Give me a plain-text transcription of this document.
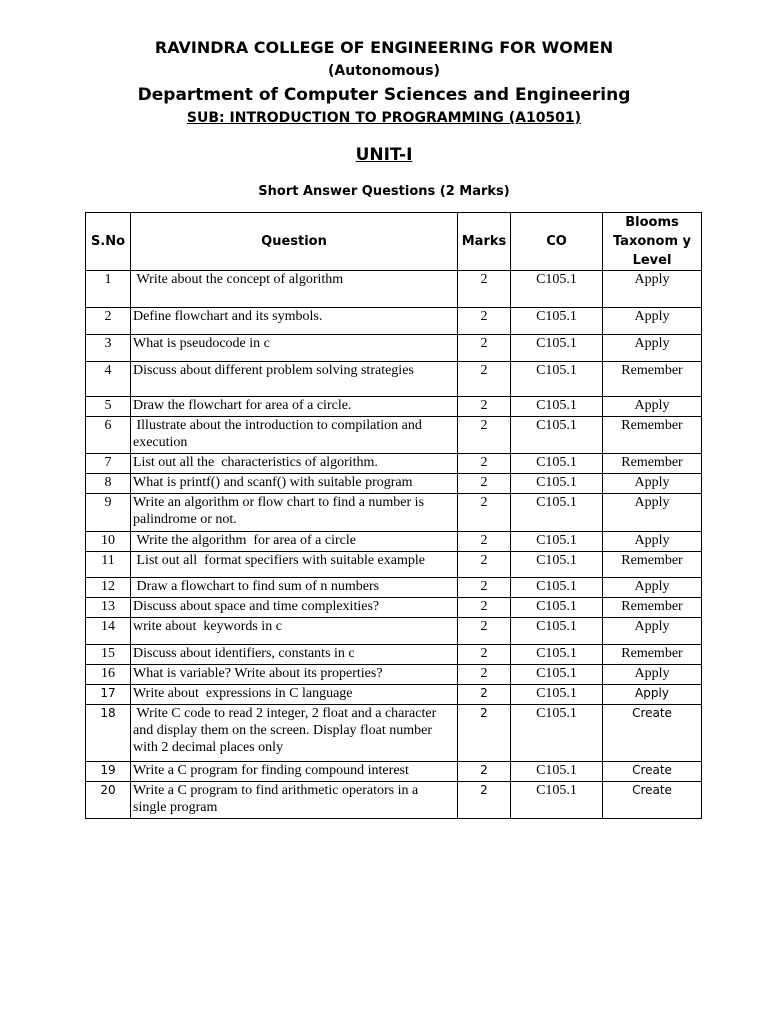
RAVINDRA COLLEGE OF ENGINEERING FOR WOMEN
(Autonomous)
Department of Computer Sciences and Engineering
SUB: INTRODUCTION TO PROGRAMMING (A10501)
UNIT-I
Short Answer Questions (2 Marks)
S.No	Question	Marks	CO	Blooms Taxonom y Level
1	Write about the concept of algorithm	2	C105.1	Apply
2	Define flowchart and its symbols.	2	C105.1	Apply
3	What is pseudocode in c	2	C105.1	Apply
4	Discuss about different problem solving strategies	2	C105.1	Remember
5	Draw the flowchart for area of a circle.	2	C105.1	Apply
6	Illustrate about the introduction to compilation and execution	2	C105.1	Remember
7	List out all the  characteristics of algorithm.	2	C105.1	Remember
8	What is printf() and scanf() with suitable program	2	C105.1	Apply
9	Write an algorithm or flow chart to find a number is palindrome or not.	2	C105.1	Apply
10	Write the algorithm  for area of a circle	2	C105.1	Apply
11	List out all  format specifiers with suitable example	2	C105.1	Remember
12	Draw a flowchart to find sum of n numbers	2	C105.1	Apply
13	Discuss about space and time complexities?	2	C105.1	Remember
14	write about  keywords in c	2	C105.1	Apply
15	Discuss about identifiers, constants in c	2	C105.1	Remember
16	What is variable? Write about its properties?	2	C105.1	Apply
17	Write about  expressions in C language	2	C105.1	Apply
18	Write C code to read 2 integer, 2 float and a character and display them on the screen. Display float number with 2 decimal places only	2	C105.1	Create
19	Write a C program for finding compound interest	2	C105.1	Create
20	Write a C program to find arithmetic operators in a single program	2	C105.1	Create
